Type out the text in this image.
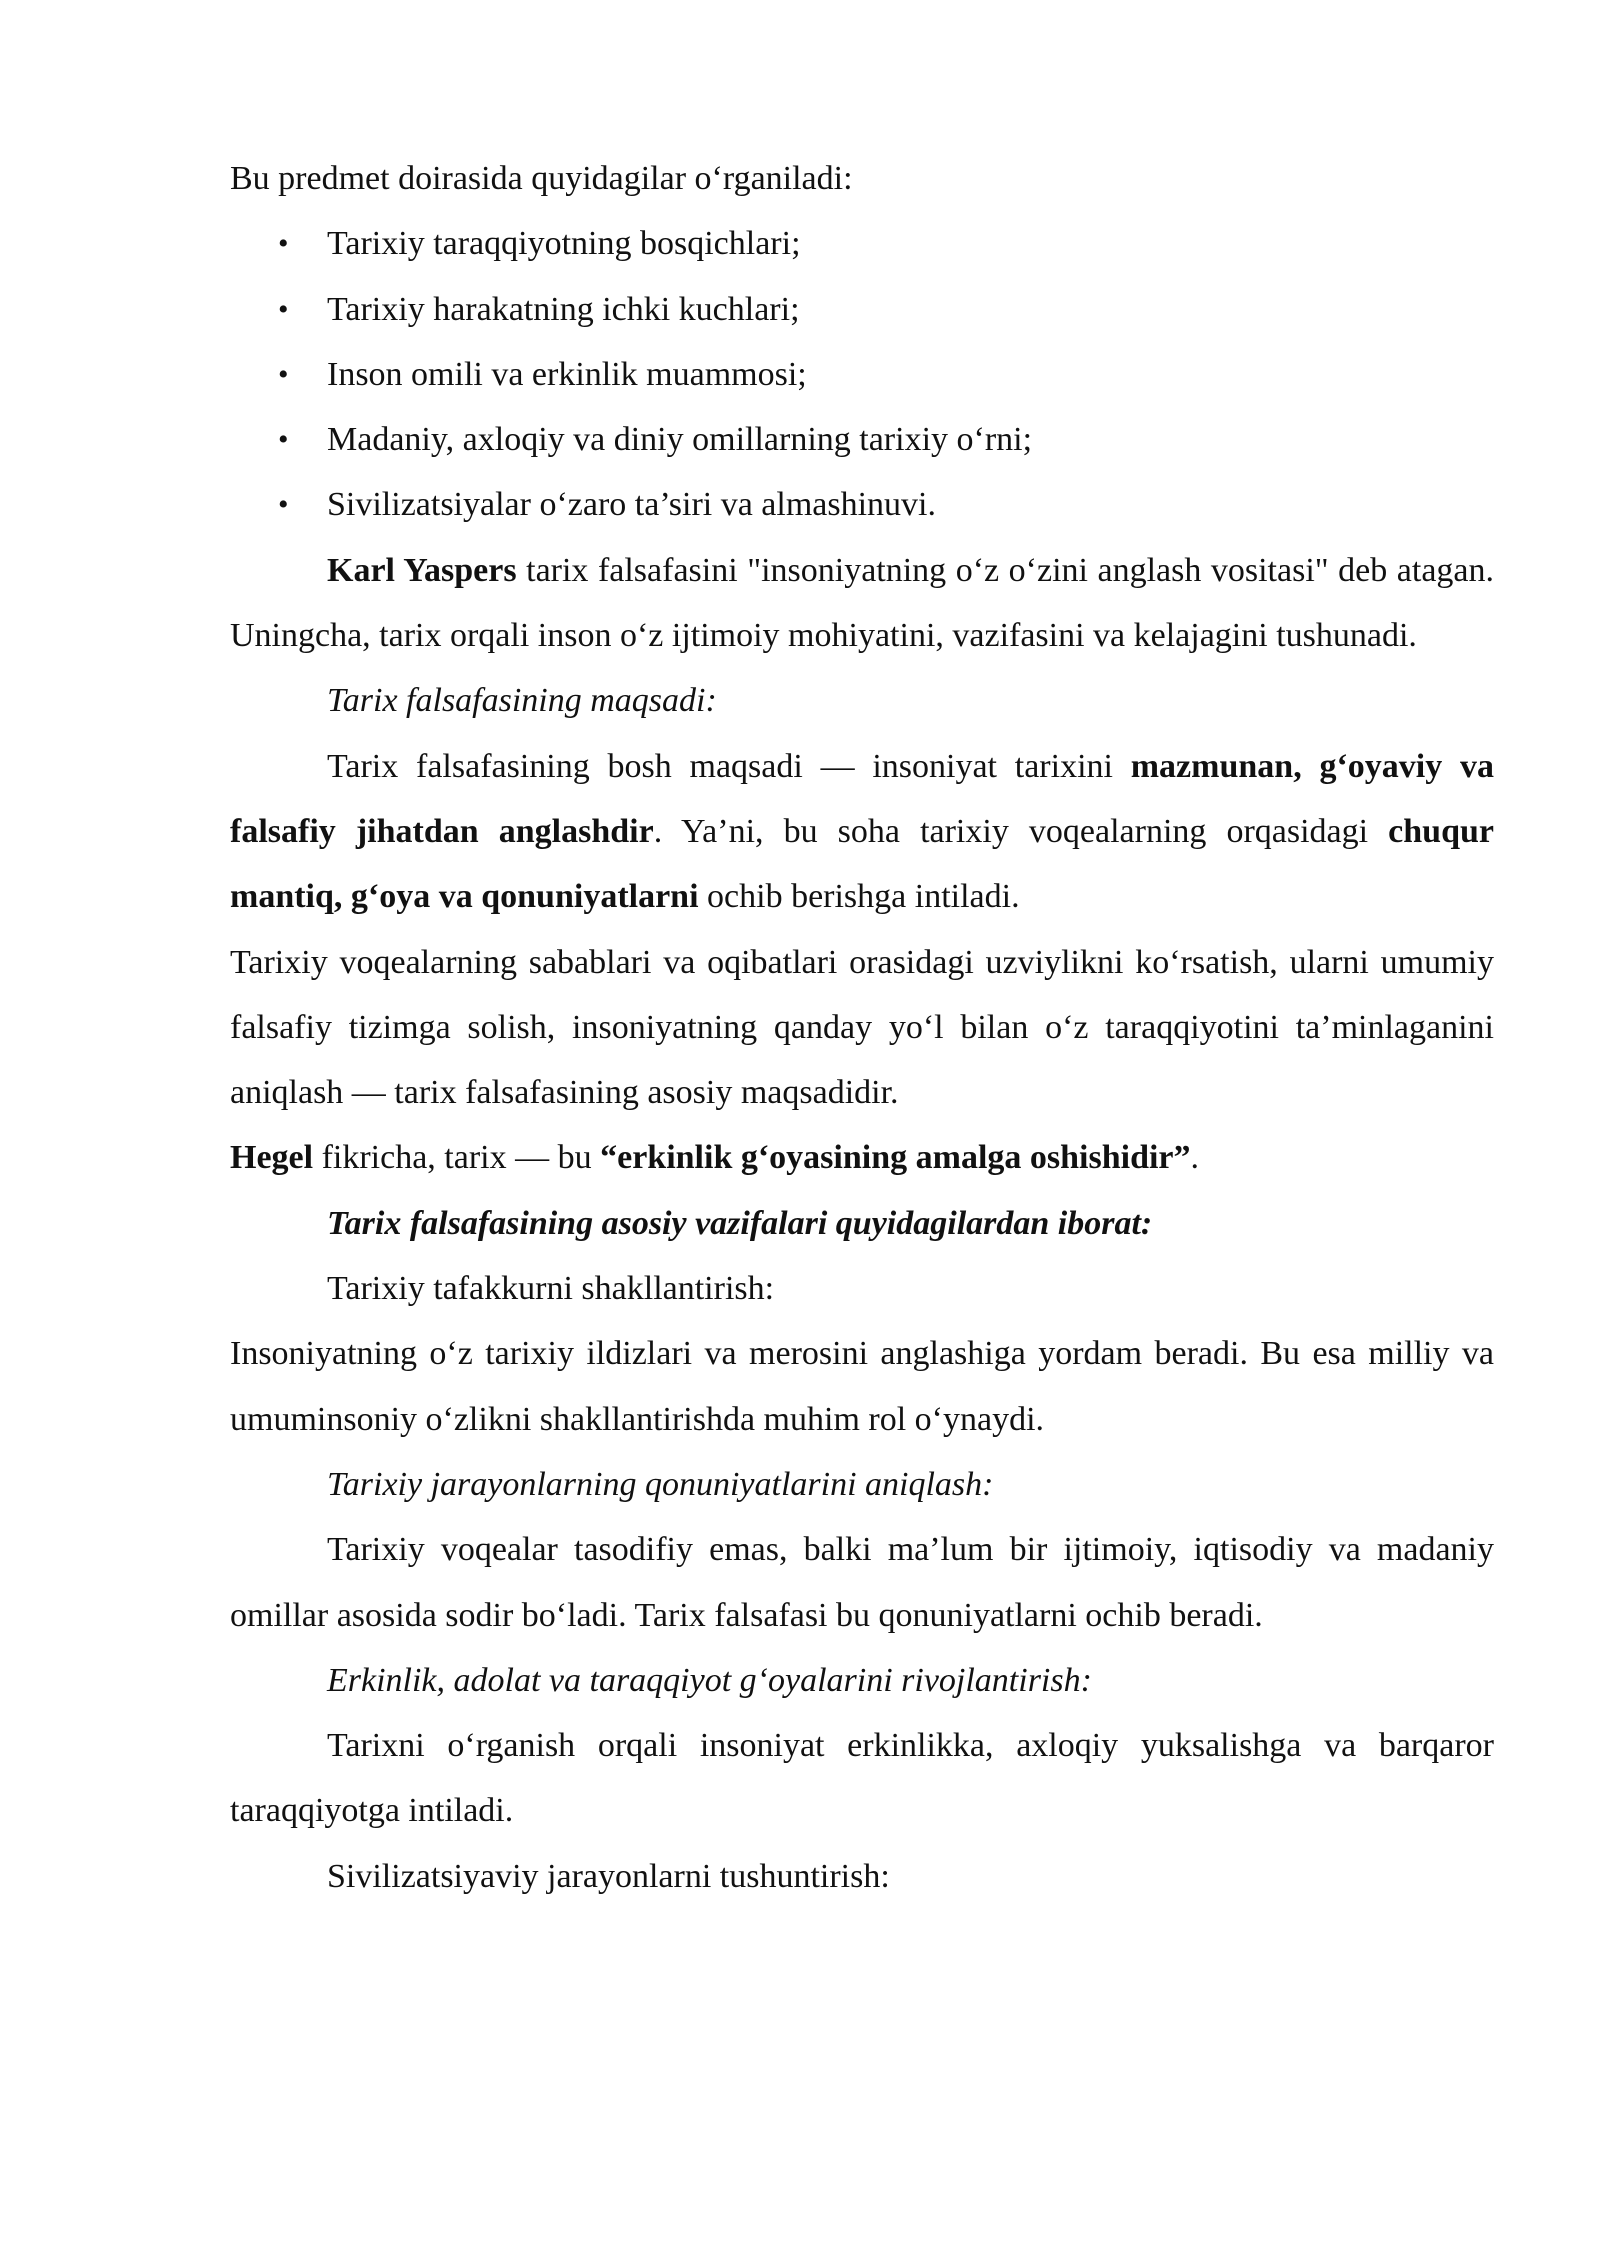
Bu predmet doirasida quyidagilar o‘rganiladi:

• Tarixiy taraqqiyotning bosqichlari;
• Tarixiy harakatning ichki kuchlari;
• Inson omili va erkinlik muammosi;
• Madaniy, axloqiy va diniy omillarning tarixiy o‘rni;
• Sivilizatsiyalar o‘zaro ta’siri va almashinuvi.

Karl Yaspers tarix falsafasini "insoniyatning o‘z o‘zini anglash vositasi" deb atagan. Uningcha, tarix orqali inson o‘z ijtimoiy mohiyatini, vazifasini va kelajagini tushunadi.

Tarix falsafasining maqsadi:

Tarix falsafasining bosh maqsadi — insoniyat tarixini mazmunan, g‘oyaviy va falsafiy jihatdan anglashdir. Ya’ni, bu soha tarixiy voqealarning orqasidagi chuqur mantiq, g‘oya va qonuniyatlarni ochib berishga intiladi.

Tarixiy voqealarning sabablari va oqibatlari orasidagi uzviylikni ko‘rsatish, ularni umumiy falsafiy tizimga solish, insoniyatning qanday yo‘l bilan o‘z taraqqiyotini ta’minlaganini aniqlash — tarix falsafasining asosiy maqsadidir.

Hegel fikricha, tarix — bu “erkinlik g‘oyasining amalga oshishidir”.

Tarix falsafasining asosiy vazifalari quyidagilardan iborat:

Tarixiy tafakkurni shakllantirish:

Insoniyatning o‘z tarixiy ildizlari va merosini anglashiga yordam beradi. Bu esa milliy va umuminsoniy o‘zlikni shakllantirishda muhim rol o‘ynaydi.

Tarixiy jarayonlarning qonuniyatlarini aniqlash:

Tarixiy voqealar tasodifiy emas, balki ma’lum bir ijtimoiy, iqtisodiy va madaniy omillar asosida sodir bo‘ladi. Tarix falsafasi bu qonuniyatlarni ochib beradi.

Erkinlik, adolat va taraqqiyot g‘oyalarini rivojlantirish:

Tarixni o‘rganish orqali insoniyat erkinlikka, axloqiy yuksalishga va barqaror taraqqiyotga intiladi.

Sivilizatsiyaviy jarayonlarni tushuntirish:
